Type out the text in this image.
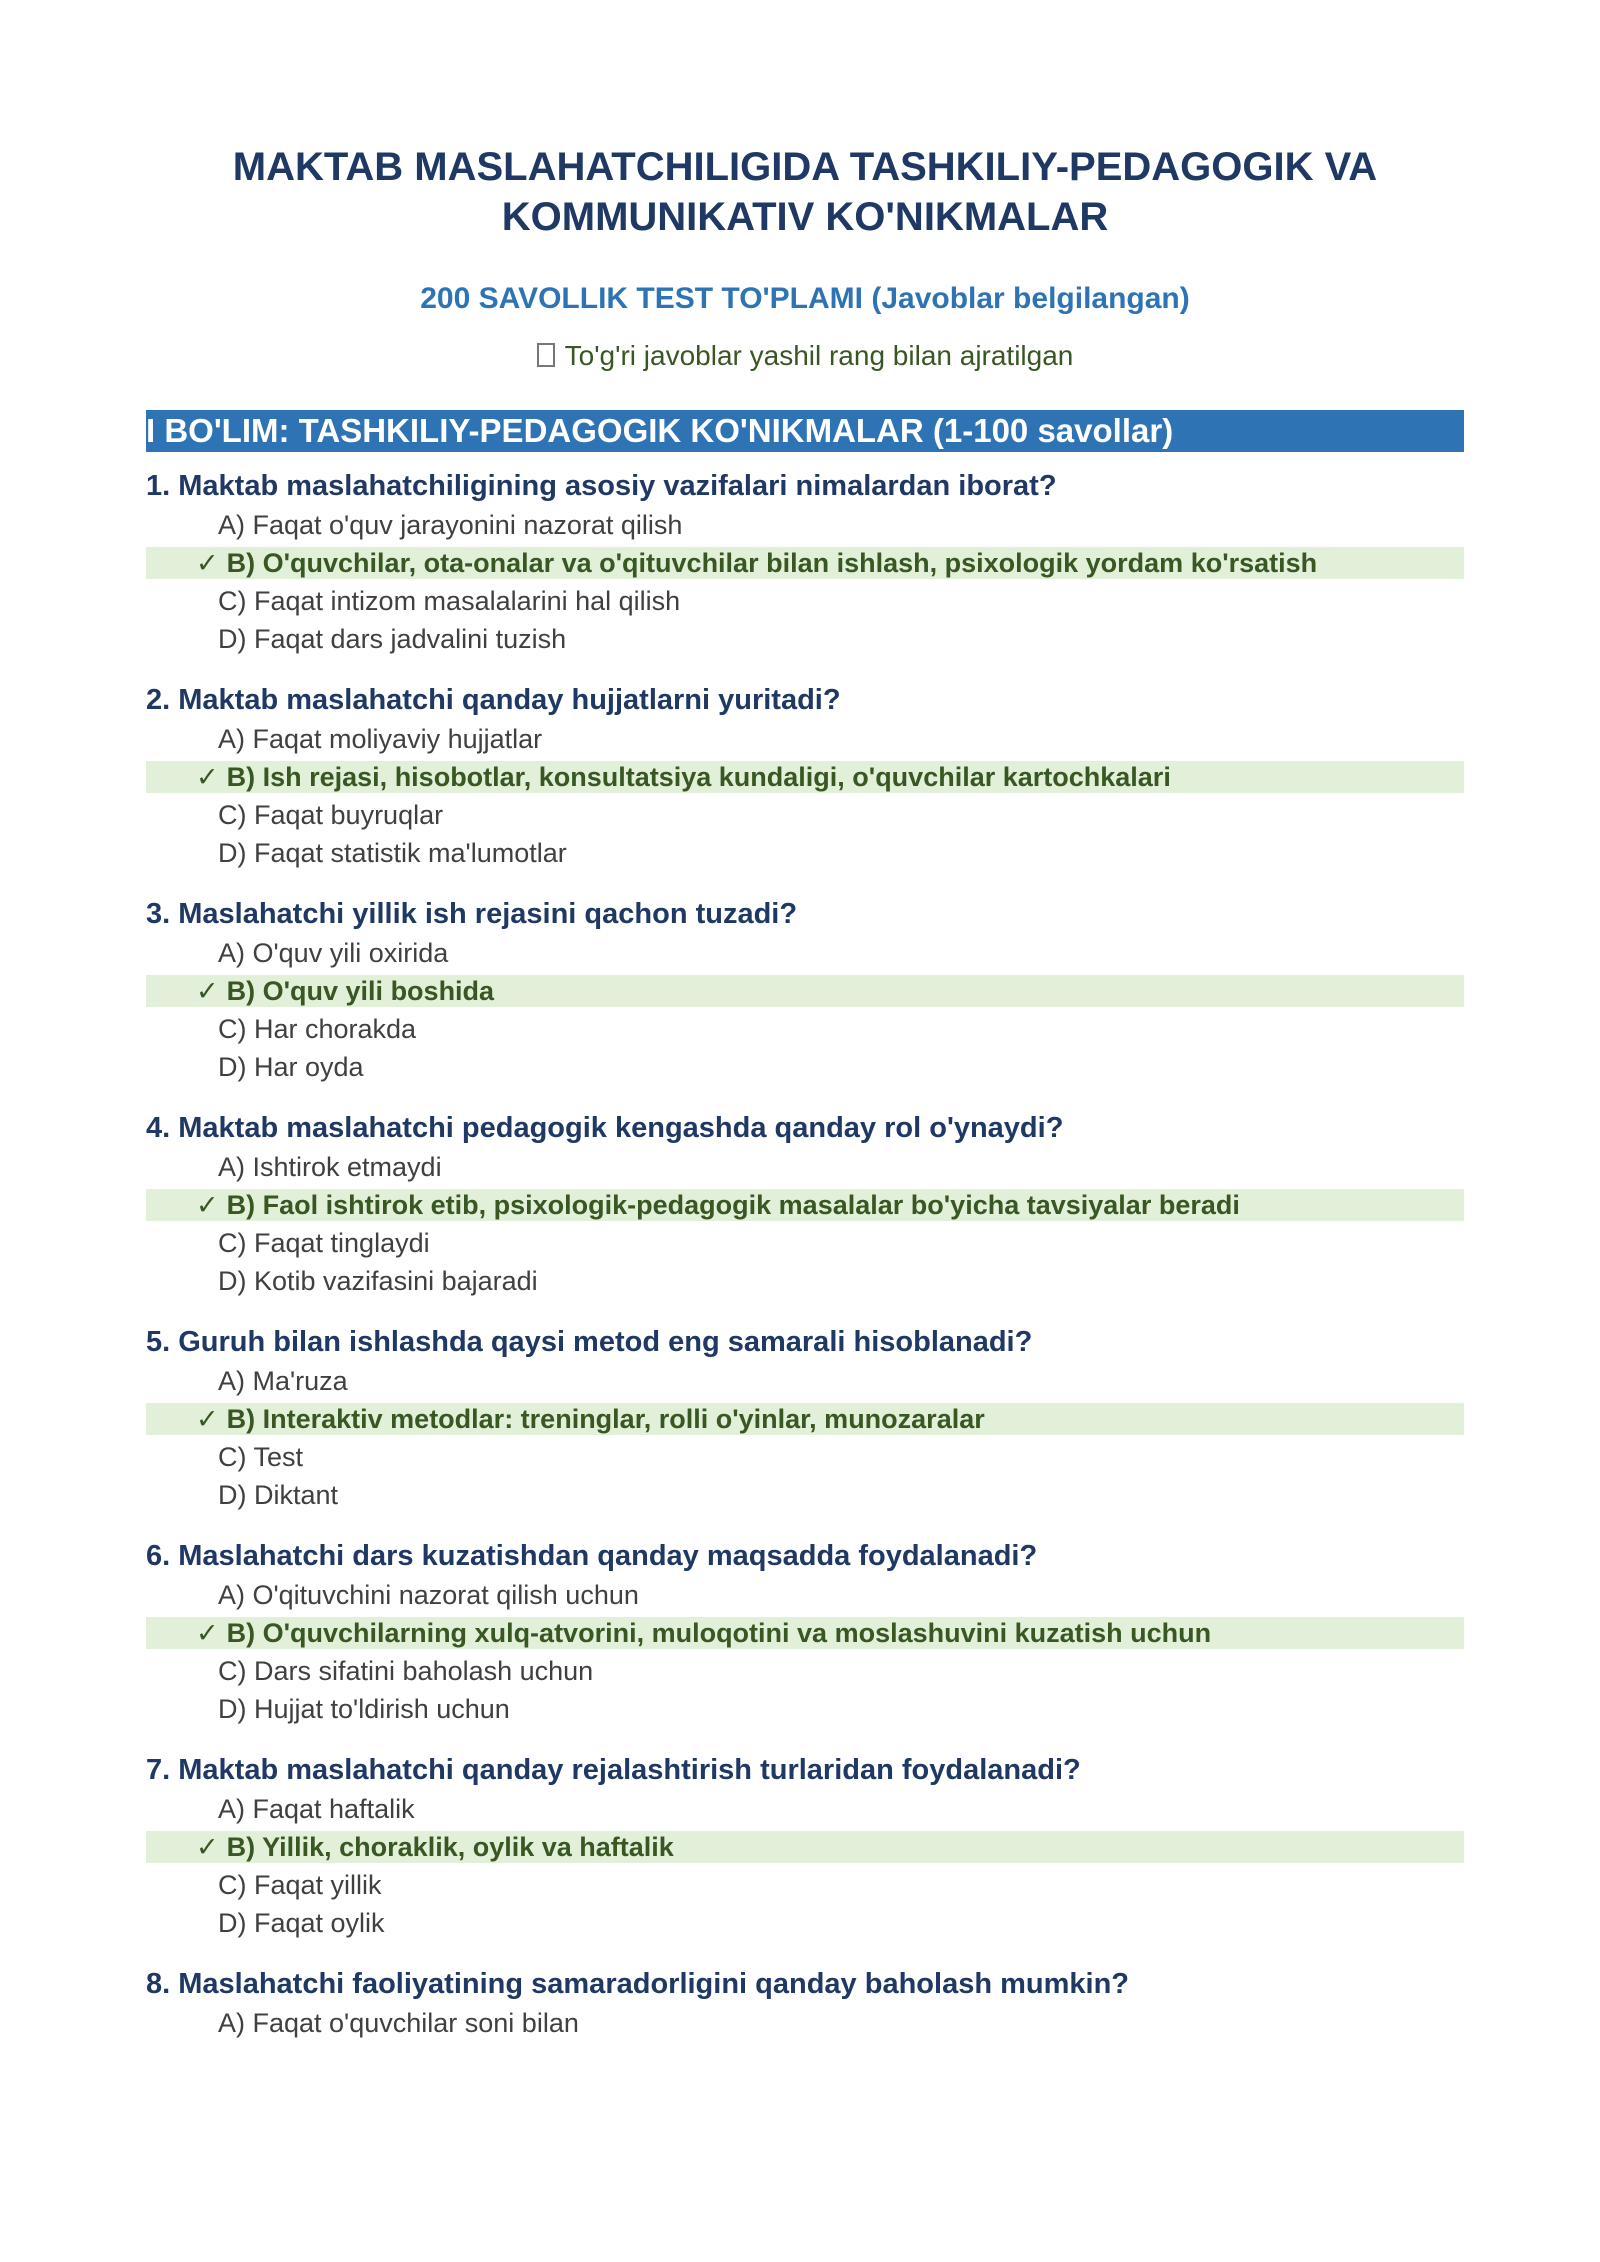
MAKTAB MASLAHATCHILIGIDA TASHKILIY-PEDAGOGIK VA
KOMMUNIKATIV KO'NIKMALAR
200 SAVOLLIK TEST TO'PLAMI (Javoblar belgilangan)
To'g'ri javoblar yashil rang bilan ajratilgan
I BO'LIM: TASHKILIY-PEDAGOGIK KO'NIKMALAR (1-100 savollar)
1. Maktab maslahatchiligining asosiy vazifalari nimalardan iborat?
A) Faqat o'quv jarayonini nazorat qilish
✓ B) O'quvchilar, ota-onalar va o'qituvchilar bilan ishlash, psixologik yordam ko'rsatish
C) Faqat intizom masalalarini hal qilish
D) Faqat dars jadvalini tuzish
2. Maktab maslahatchi qanday hujjatlarni yuritadi?
A) Faqat moliyaviy hujjatlar
✓ B) Ish rejasi, hisobotlar, konsultatsiya kundaligi, o'quvchilar kartochkalari
C) Faqat buyruqlar
D) Faqat statistik ma'lumotlar
3. Maslahatchi yillik ish rejasini qachon tuzadi?
A) O'quv yili oxirida
✓ B) O'quv yili boshida
C) Har chorakda
D) Har oyda
4. Maktab maslahatchi pedagogik kengashda qanday rol o'ynaydi?
A) Ishtirok etmaydi
✓ B) Faol ishtirok etib, psixologik-pedagogik masalalar bo'yicha tavsiyalar beradi
C) Faqat tinglaydi
D) Kotib vazifasini bajaradi
5. Guruh bilan ishlashda qaysi metod eng samarali hisoblanadi?
A) Ma'ruza
✓ B) Interaktiv metodlar: treninglar, rolli o'yinlar, munozaralar
C) Test
D) Diktant
6. Maslahatchi dars kuzatishdan qanday maqsadda foydalanadi?
A) O'qituvchini nazorat qilish uchun
✓ B) O'quvchilarning xulq-atvorini, muloqotini va moslashuvini kuzatish uchun
C) Dars sifatini baholash uchun
D) Hujjat to'ldirish uchun
7. Maktab maslahatchi qanday rejalashtirish turlaridan foydalanadi?
A) Faqat haftalik
✓ B) Yillik, choraklik, oylik va haftalik
C) Faqat yillik
D) Faqat oylik
8. Maslahatchi faoliyatining samaradorligini qanday baholash mumkin?
A) Faqat o'quvchilar soni bilan
